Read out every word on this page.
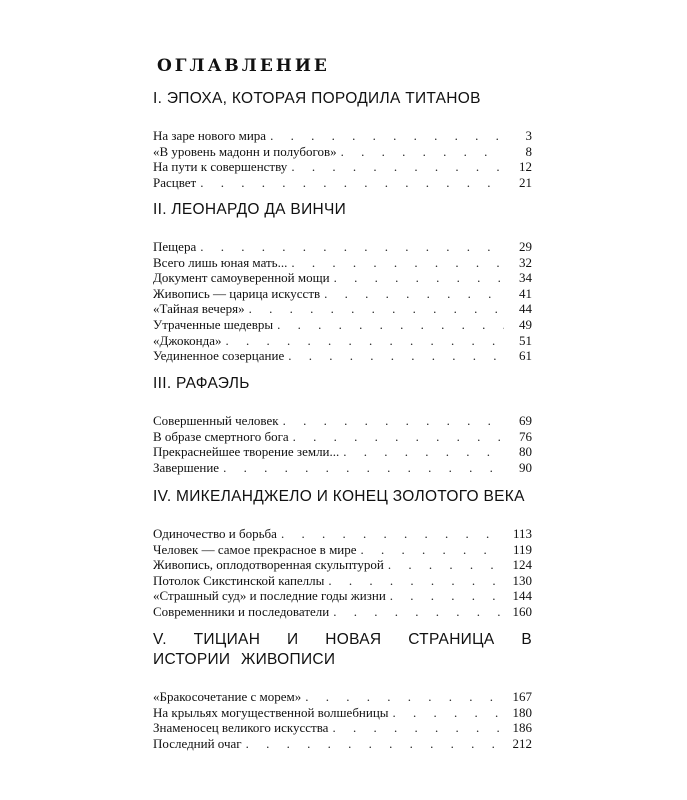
ОГЛАВЛЕНИЕ
I. ЭПОХА, КОТОРАЯ ПОРОДИЛА ТИТАНОВ
На заре нового мира . . .	3
«В уровень мадонн и полубогов» . . .	8
На пути к совершенству . . .	12
Расцвет . . .	21
II. ЛЕОНАРДО ДА ВИНЧИ
Пещера . . .	29
Всего лишь юная мать... . . .	32
Документ самоуверенной мощи . . .	34
Живопись — царица искусств . . .	41
«Тайная вечеря» . . .	44
Утраченные шедевры . . .	49
«Джоконда» . . .	51
Уединенное созерцание . . .	61
III. РАФАЭЛЬ
Совершенный человек . . .	69
В образе смертного бога . . .	76
Прекраснейшее творение земли... . . .	80
Завершение . . .	90
IV. МИКЕЛАНДЖЕЛО И КОНЕЦ ЗОЛОТОГО ВЕКА
Одиночество и борьба . . .	113
Человек — самое прекрасное в мире . . .	119
Живопись, оплодотворенная скульптурой . . .	124
Потолок Сикстинской капеллы . . .	130
«Страшный суд» и последние годы жизни . . .	144
Современники и последователи . . .	160
V. ТИЦИАН И НОВАЯ СТРАНИЦА В ИСТОРИИ ЖИВОПИСИ
«Бракосочетание с морем» . . .	167
На крыльях могущественной волшебницы . . .	180
Знаменосец великого искусства . . .	186
Последний очаг . . .	212
